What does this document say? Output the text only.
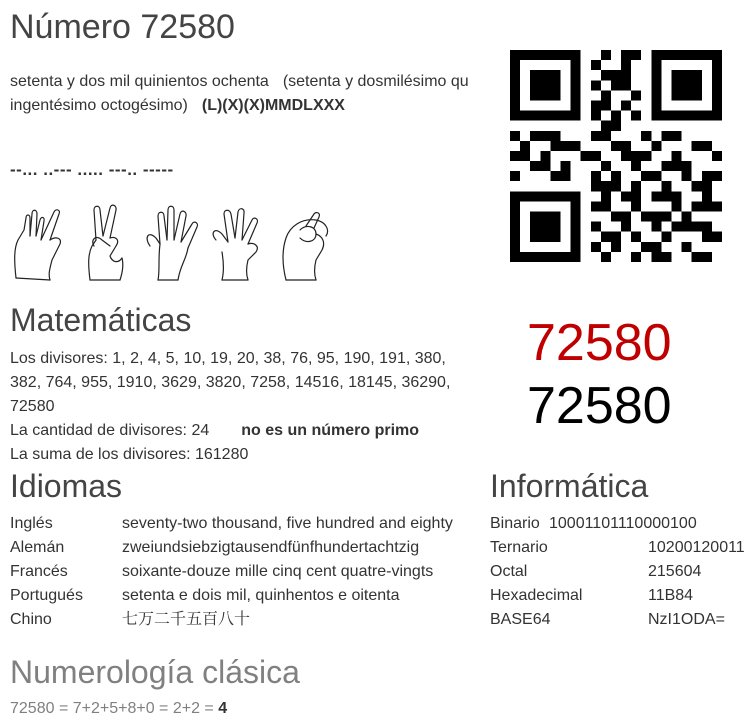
Número 72580
setenta y dos mil quinientos ochenta (setenta y dosmilésimo qu ingentésimo octogésimo) (L)(X)(X)MMDLXXX
--... ..--- ..... ---.. -----
Matemáticas
Los divisores: 1, 2, 4, 5, 10, 19, 20, 38, 76, 95, 190, 191, 380,
382, 764, 955, 1910, 3629, 3820, 7258, 14516, 18145, 36290,
72580
La cantidad de divisores: 24 no es un número primo
La suma de los divisores: 161280
72580
72580
Idiomas
Inglés	seventy-two thousand, five hundred and eighty
Alemán	zweiundsiebzigtausendfünfhundertachtzig
Francés	soixante-douze mille cinq cent quatre-vingts
Portugués setenta e dois mil, quinhentos e oitenta
Chino	七万二千五百八十
Informática
Binario 10001101110000100
Ternario	10200120011
Octal	215604
Hexadecimal	11B84
BASE64	NzI1ODA=
Numerología clásica
72580 = 7+2+5+8+0 = 2+2 = 4
